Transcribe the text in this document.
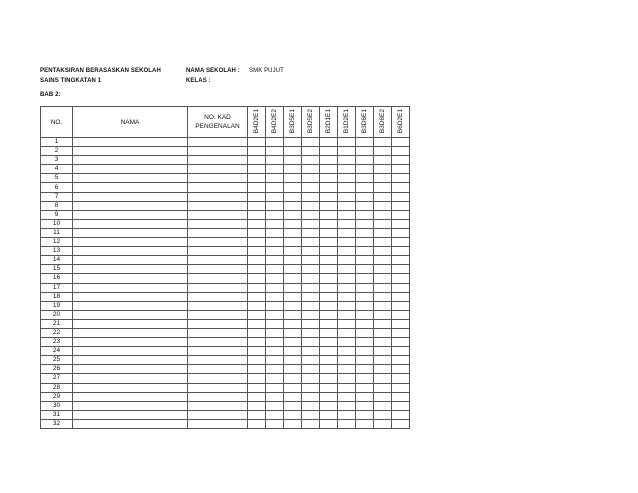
PENTAKSIRAN BERASASKAN SEKOLAH
SAINS TINGKATAN 1
NAMA SEKOLAH : SMK PUJUT
KELAS :
BAB 2:
NO.	NAMA	NO. KAD
PENGENALAN	B4D2E1	B4D2E2	B3D5E1	B3D5E2	B2D1E1	B1D2E1	B3D6E1	B3D6E2	B6D2E1
1											
2											
3											
4											
5											
6											
7											
8											
9											
10											
11											
12											
13											
14											
15											
16											
17											
18											
19											
20											
21											
22											
23											
24											
25											
26											
27											
28											
29											
30											
31											
32											
